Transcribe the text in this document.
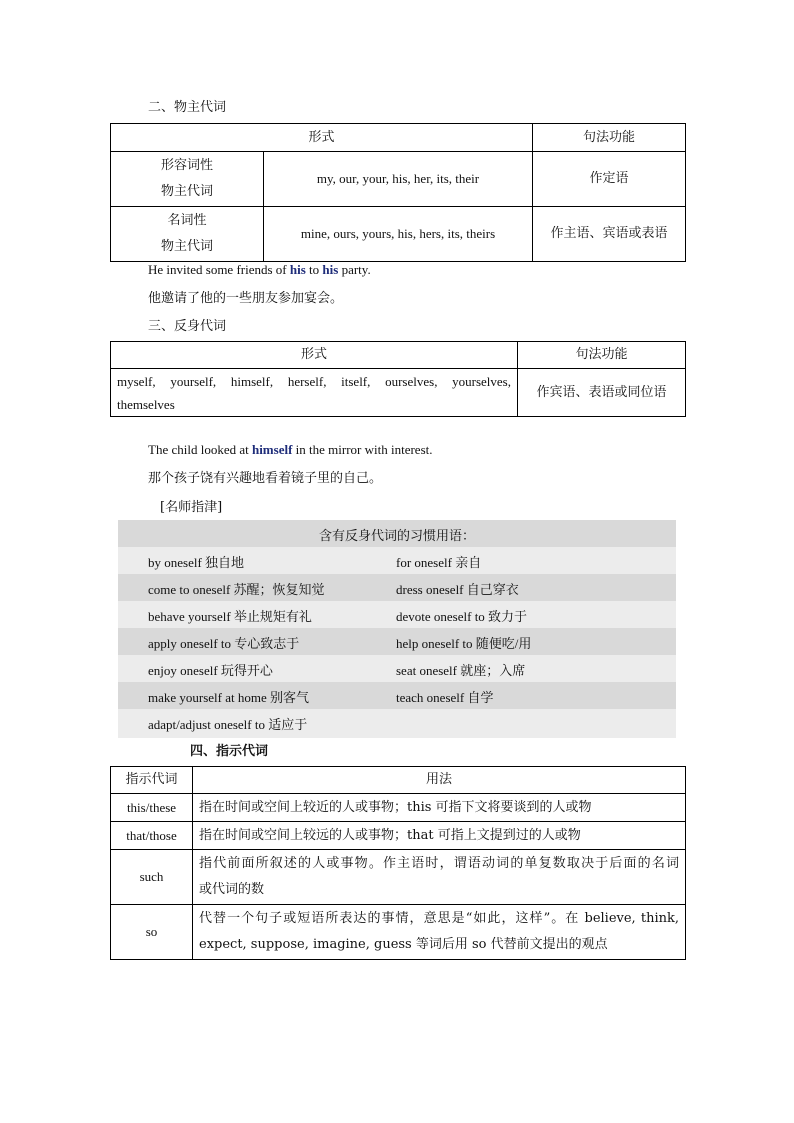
二、物主代词
形式		句法功能

形容词性
物主代词	my, our, your, his, her, its, their	作定语

名词性
物主代词	mine, ours, yours, his, hers, its, theirs	作主语、宾语或表语
He invited some friends of his to his party.
他邀请了他的一些朋友参加宴会。
三、反身代词
形式	句法功能

myself, yourself, himself, herself, itself, ourselves, yourselves,
themselves	作宾语、表语或同位语
The child looked at himself in the mirror with interest.
那个孩子饶有兴趣地看着镜子里的自己。
[名师指津]
含有反身代词的习惯用语：
by oneself 独自地	for oneself 亲自
come to oneself 苏醒；恢复知觉	dress oneself 自己穿衣
behave yourself 举止规矩有礼	devote oneself to 致力于
apply oneself to 专心致志于	help oneself to 随便吃/用
enjoy oneself 玩得开心	seat oneself 就座；入席
make yourself at home 别客气	teach oneself 自学
adapt/adjust oneself to 适应于
四、指示代词
指示代词	用法
this/these	指在时间或空间上较近的人或事物；this 可指下文将要谈到的人或物
that/those	指在时间或空间上较远的人或事物；that 可指上文提到过的人或物
such	指代前面所叙述的人或事物。作主语时，谓语动词的单复数取决于后面的名词
或代词的数

so	代替一个句子或短语所表达的事情，意思是“如此，这样”。在 believe, think,
expect, suppose, imagine, guess 等词后用 so 代替前文提出的观点
